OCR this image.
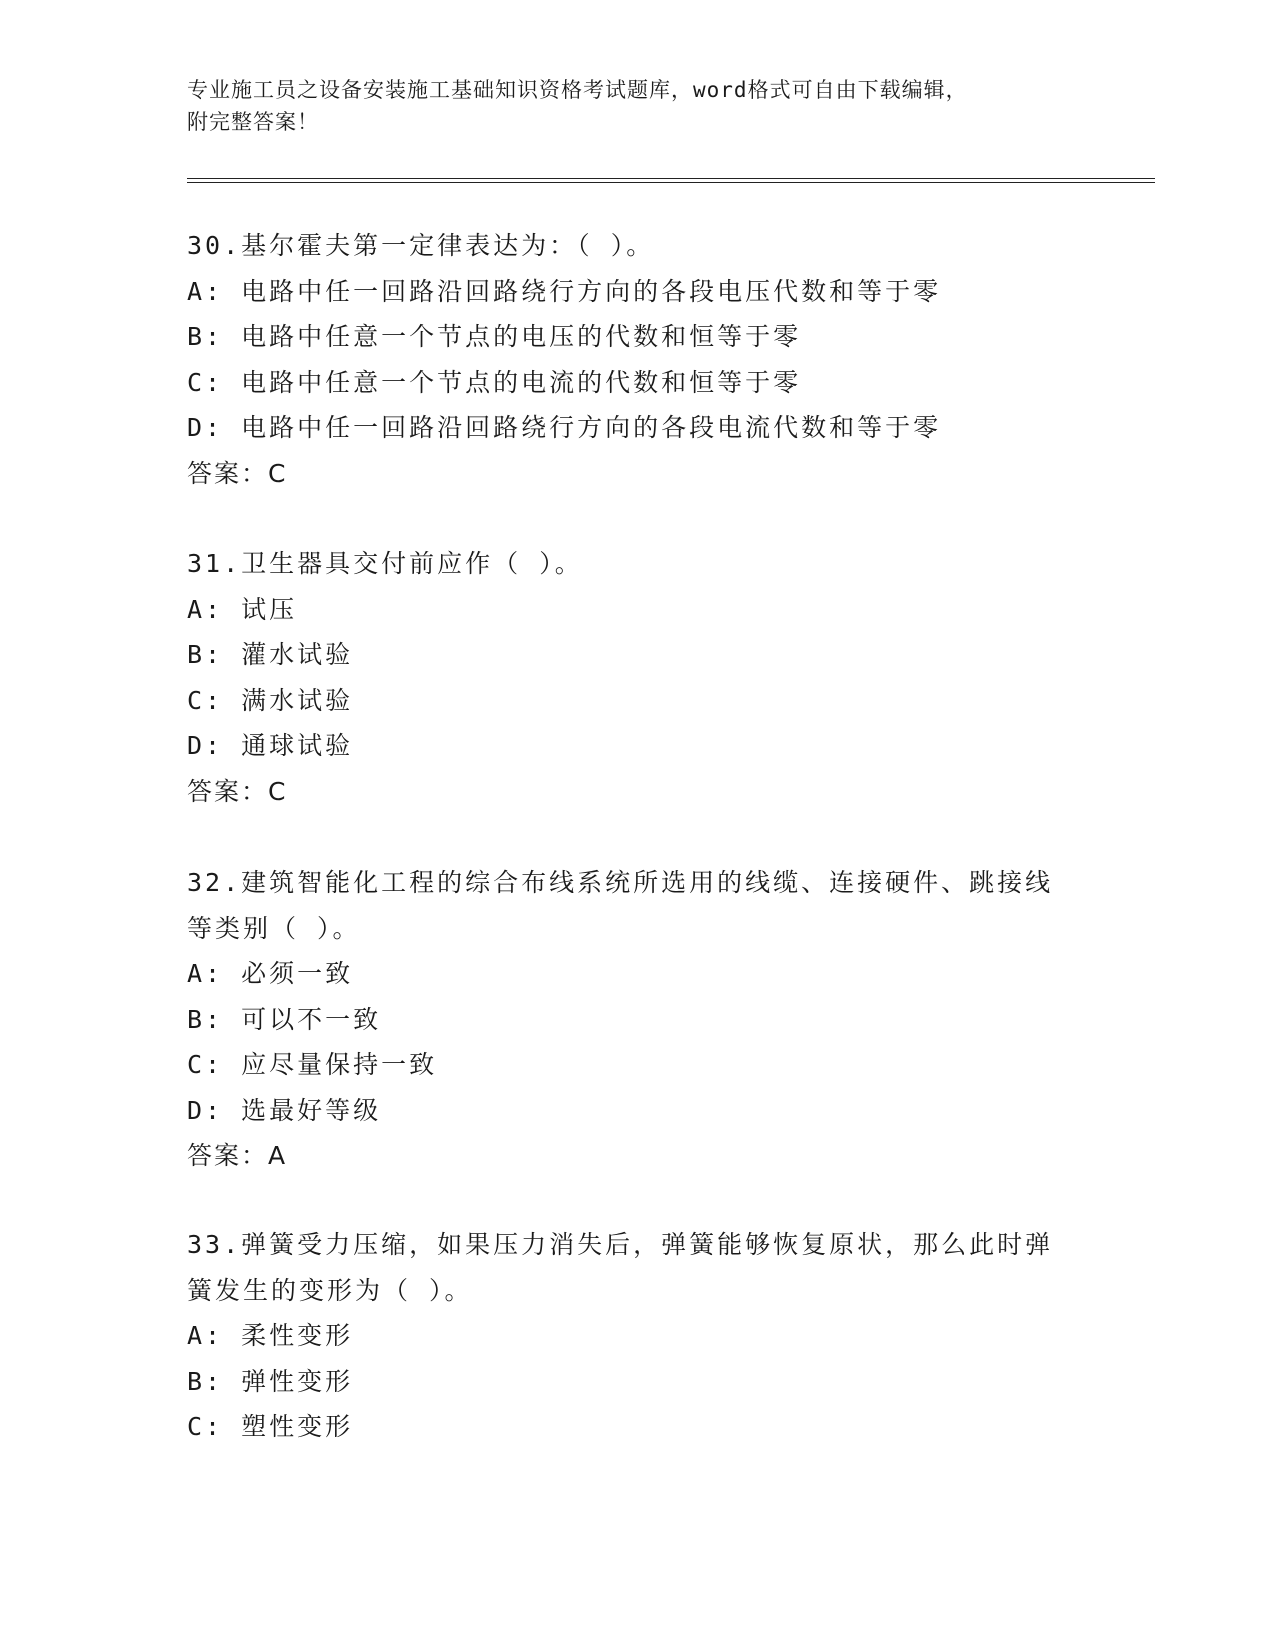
专业施工员之设备安装施工基础知识资格考试题库，word格式可自由下载编辑，
附完整答案！
30.基尔霍夫第一定律表达为：（ ）。
A: 电路中任一回路沿回路绕行方向的各段电压代数和等于零
B: 电路中任意一个节点的电压的代数和恒等于零
C: 电路中任意一个节点的电流的代数和恒等于零
D: 电路中任一回路沿回路绕行方向的各段电流代数和等于零
答案：C
31.卫生器具交付前应作（ ）。
A: 试压
B: 灌水试验
C: 满水试验
D: 通球试验
答案：C
32.建筑智能化工程的综合布线系统所选用的线缆、连接硬件、跳接线
等类别（ ）。
A: 必须一致
B: 可以不一致
C: 应尽量保持一致
D: 选最好等级
答案：A
33.弹簧受力压缩，如果压力消失后，弹簧能够恢复原状，那么此时弹
簧发生的变形为（ ）。
A: 柔性变形
B: 弹性变形
C: 塑性变形
